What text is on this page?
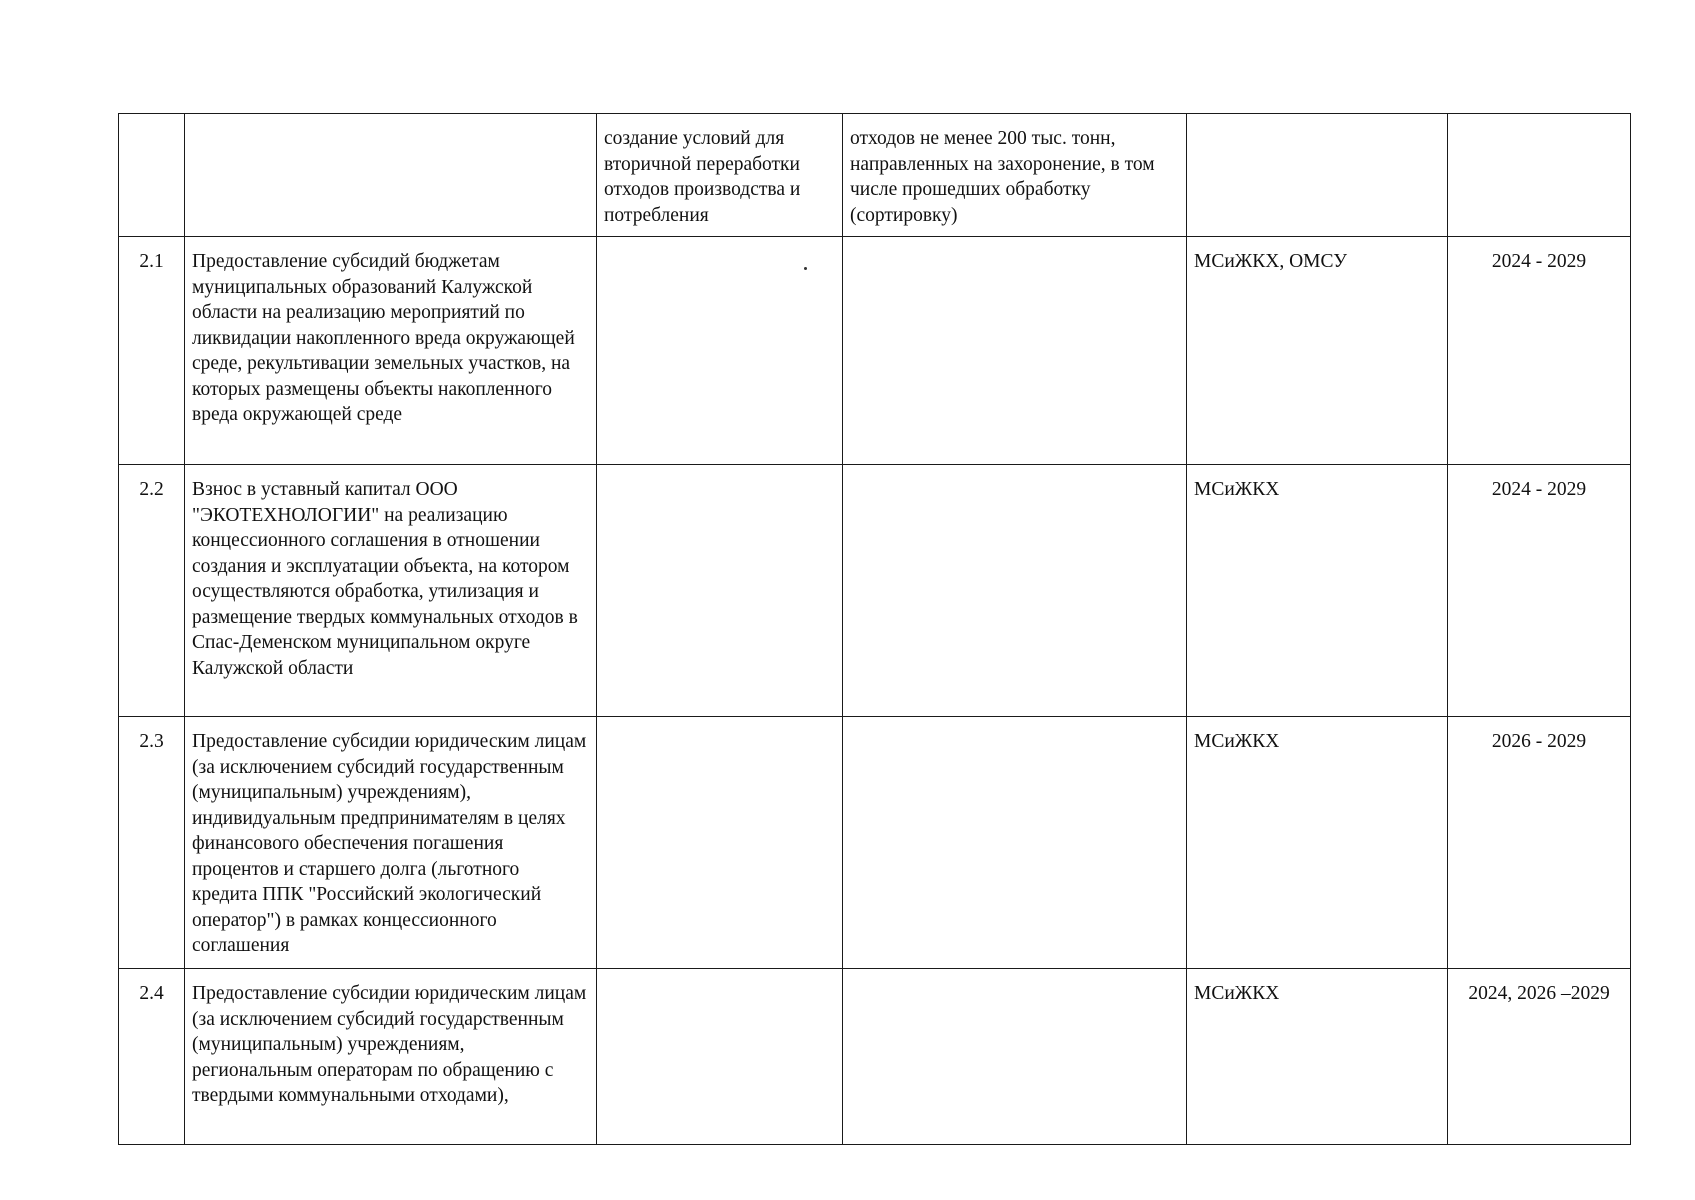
		создание условий для вторичной переработки отходов производства и потребления	отходов не менее 200 тыс. тонн, направленных на захоронение, в том числе прошедших обработку (сортировку)		
2.1	Предоставление субсидий бюджетам муниципальных образований Калужской области на реализацию мероприятий по ликвидации накопленного вреда окружающей среде, рекультивации земельных участков, на которых размещены объекты накопленного вреда окружающей среде			МСиЖКХ, ОМСУ	2024 - 2029
2.2	Взнос в уставный капитал ООО "ЭКОТЕХНОЛОГИИ" на реализацию концессионного соглашения в отношении создания и эксплуатации объекта, на котором осуществляются обработка, утилизация и размещение твердых коммунальных отходов в Спас-Деменском муниципальном округе Калужской области			МСиЖКХ	2024 - 2029
2.3	Предоставление субсидии юридическим лицам (за исключением субсидий государственным (муниципальным) учреждениям), индивидуальным предпринимателям в целях финансового обеспечения погашения процентов и старшего долга (льготного кредита ППК "Российский экологический оператор") в рамках концессионного соглашения			МСиЖКХ	2026 - 2029
2.4	Предоставление субсидии юридическим лицам (за исключением субсидий государственным (муниципальным) учреждениям, региональным операторам по обращению с твердыми коммунальными отходами),			МСиЖКХ	2024, 2026 –2029
